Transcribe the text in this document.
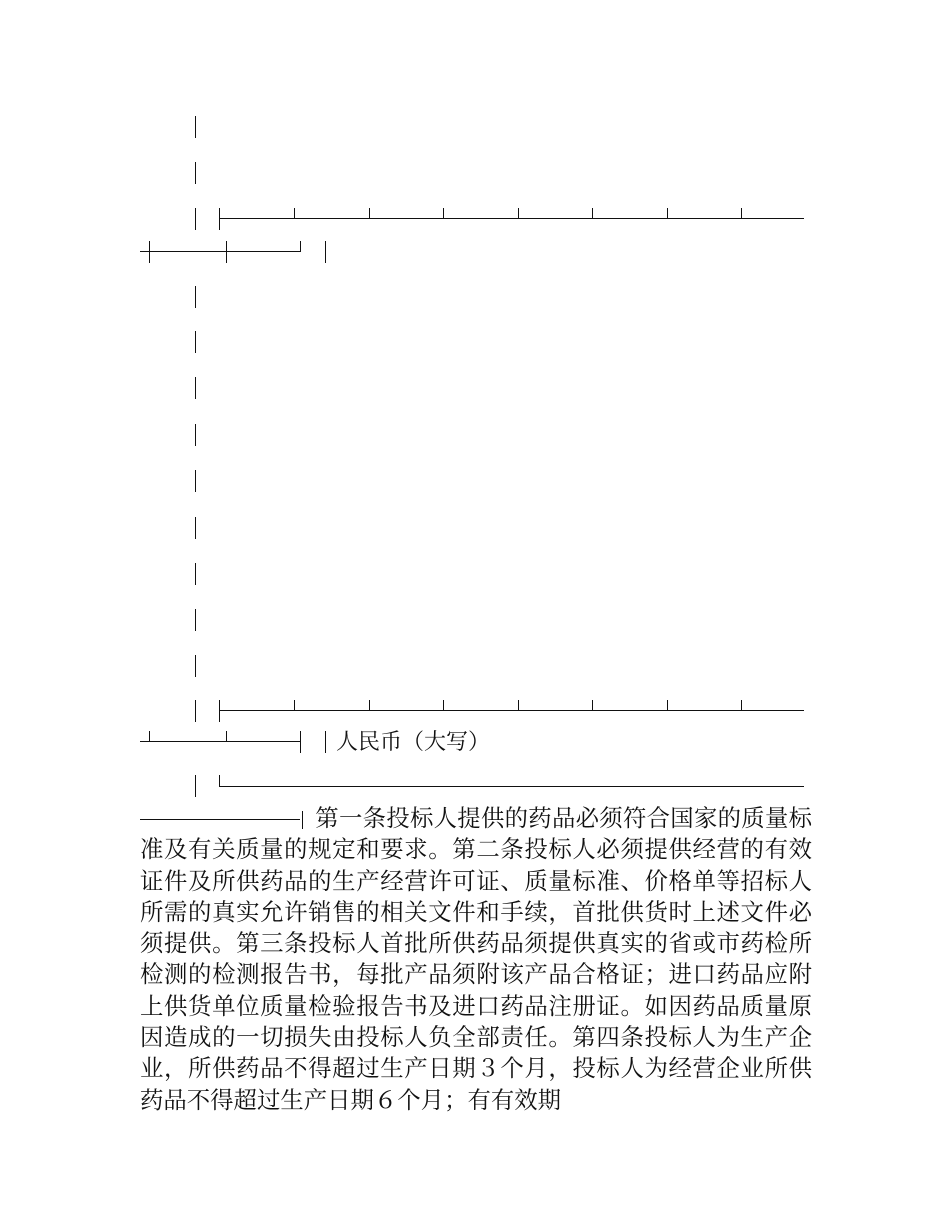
人民币（大写）
第一条投标人提供的药品必须符合国家的质量标准及有关质量的规定和要求。第二条投标人必须提供经营的有效证件及所供药品的生产经营许可证、质量标准、价格单等招标人所需的真实允许销售的相关文件和手续，首批供货时上述文件必须提供。第三条投标人首批所供药品须提供真实的省或市药检所检测的检测报告书，每批产品须附该产品合格证；进口药品应附上供货单位质量检验报告书及进口药品注册证。如因药品质量原因造成的一切损失由投标人负全部责任。第四条投标人为生产企业，所供药品不得超过生产日期３个月，投标人为经营企业所供药品不得超过生产日期６个月；有有效期
